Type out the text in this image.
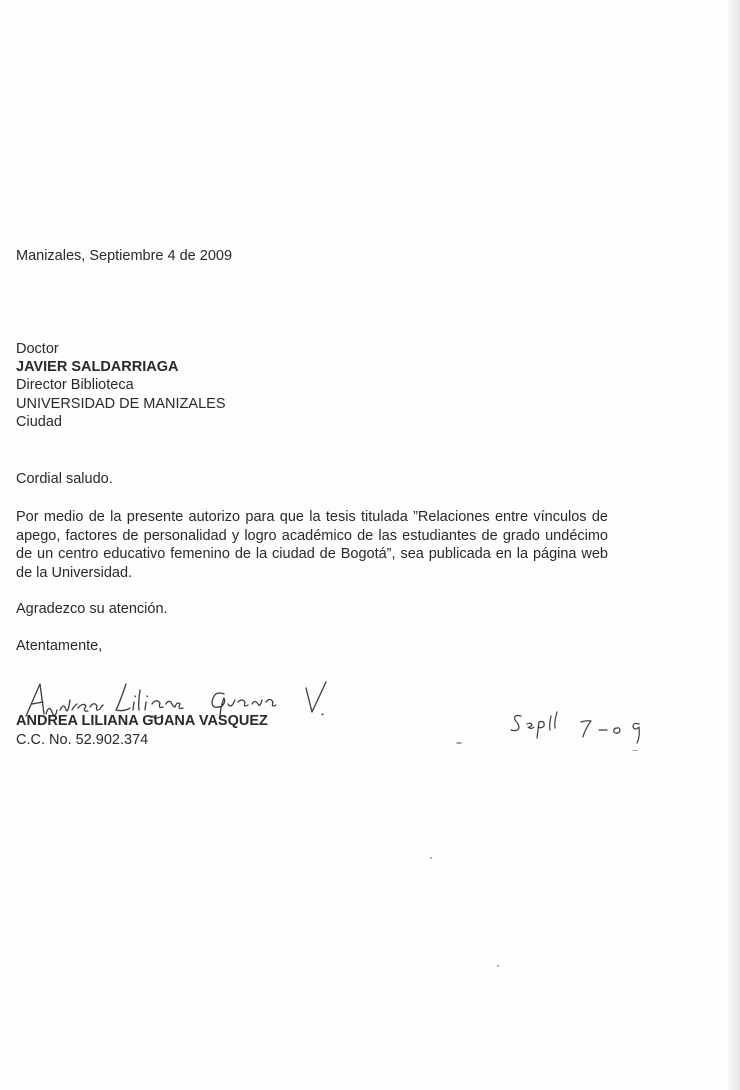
Manizales, Septiembre 4 de 2009
Doctor
JAVIER SALDARRIAGA
Director Biblioteca
UNIVERSIDAD DE MANIZALES
Ciudad
Cordial saludo.
Por medio de la presente autorizo para que la tesis titulada ”Relaciones entre vínculos de apego, factores de personalidad y logro académico de las estudiantes de grado undécimo de un centro educativo femenino de la ciudad de Bogotá”, sea publicada en la página web de la Universidad.
Agradezco su atención.
Atentamente,
ANDREA LILIANA GUANA VASQUEZ
C.C. No. 52.902.374
